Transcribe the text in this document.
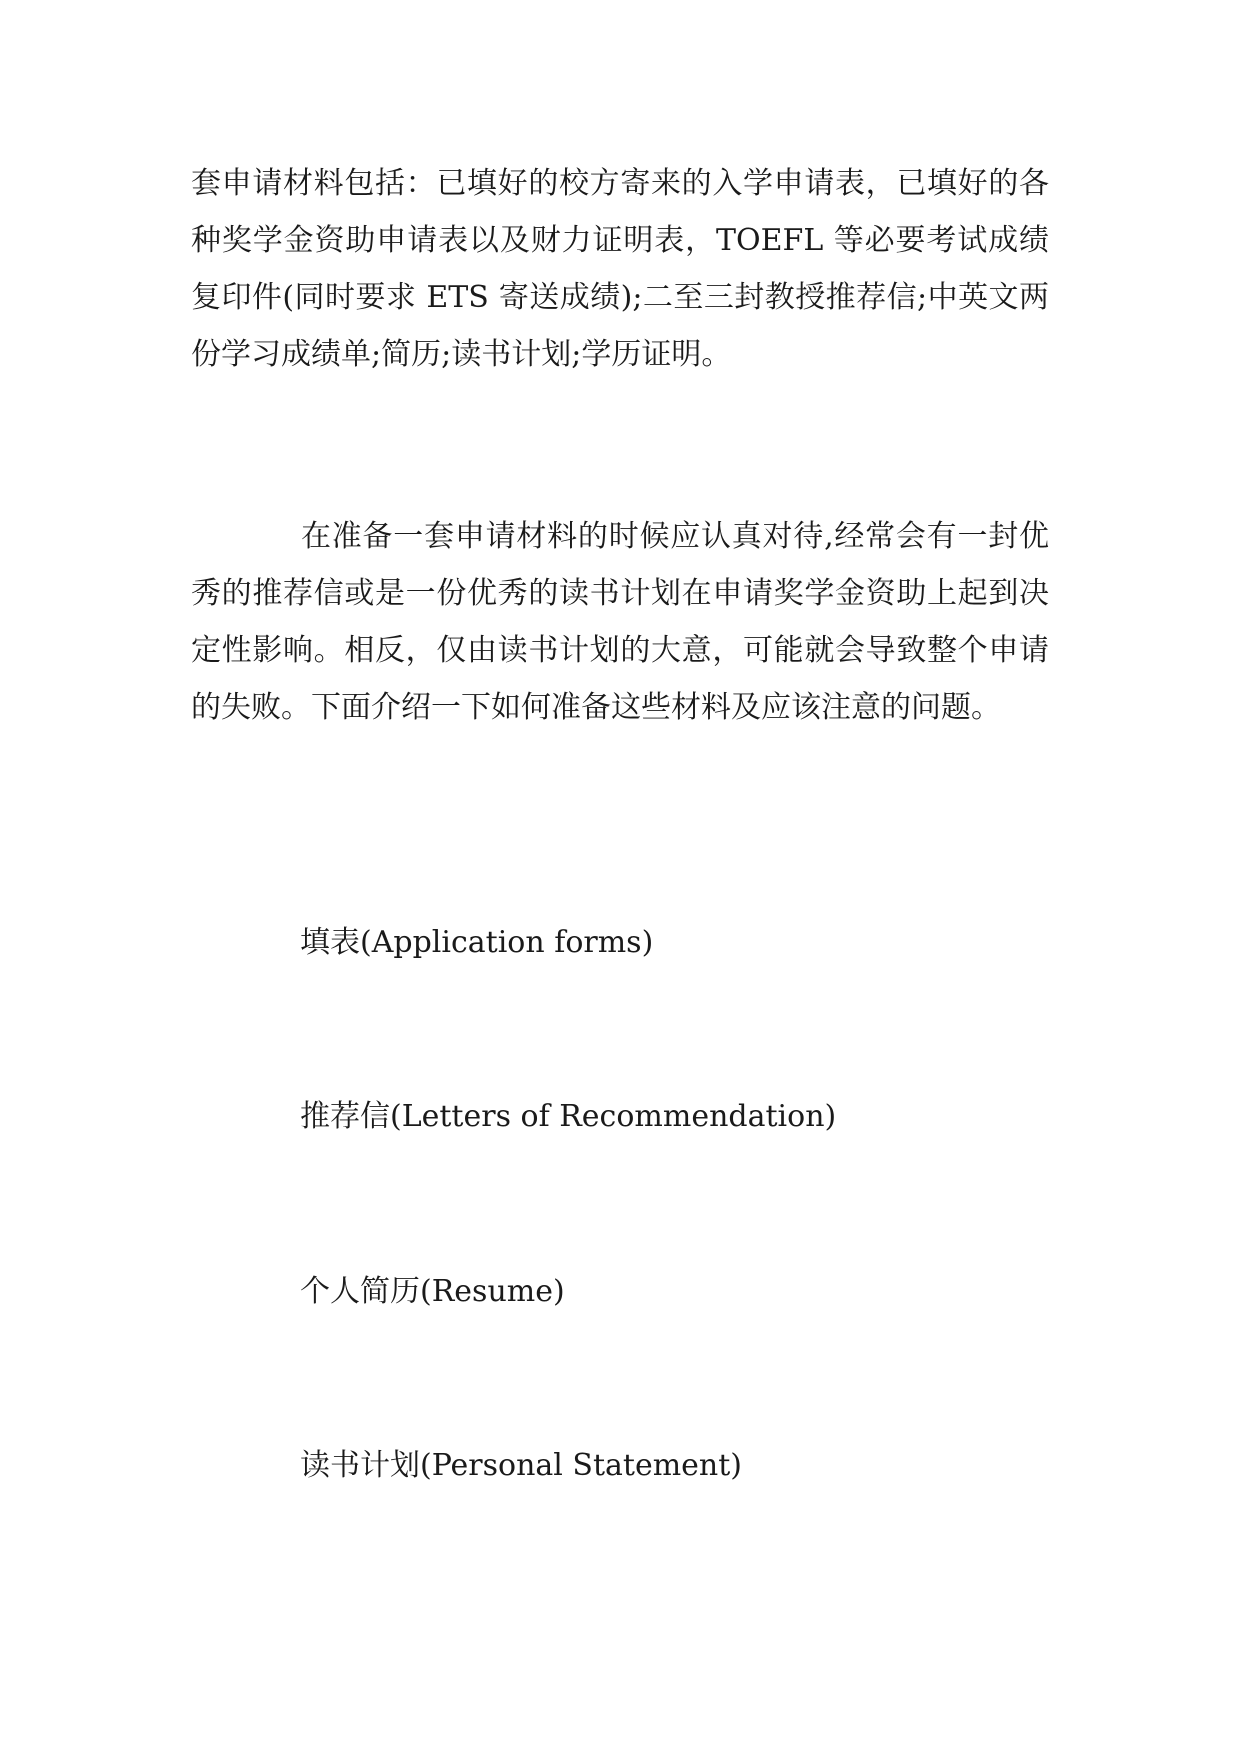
套申请材料包括：已填好的校方寄来的入学申请表，已填好的各种奖学金资助申请表以及财力证明表，TOEFL 等必要考试成绩复印件(同时要求 ETS 寄送成绩);二至三封教授推荐信;中英文两份学习成绩单;简历;读书计划;学历证明。

在准备一套申请材料的时候应认真对待,经常会有一封优秀的推荐信或是一份优秀的读书计划在申请奖学金资助上起到决定性影响。相反，仅由读书计划的大意，可能就会导致整个申请的失败。下面介绍一下如何准备这些材料及应该注意的问题。

填表(Application forms)

推荐信(Letters of Recommendation)

个人简历(Resume)

读书计划(Personal Statement)
